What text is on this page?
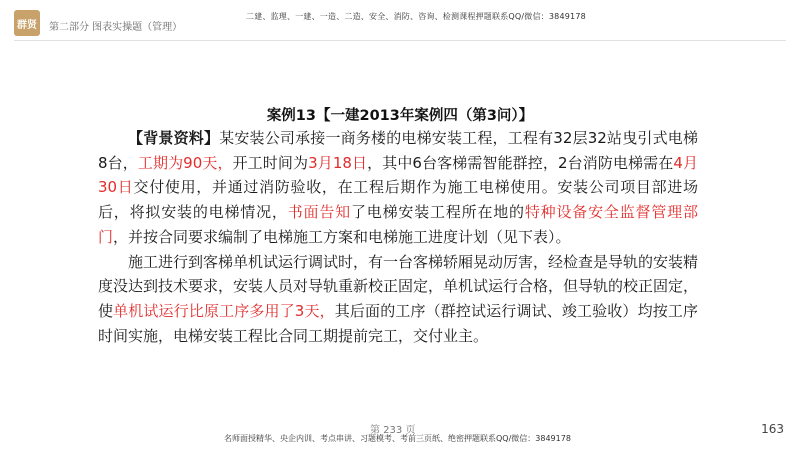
群贤	第二部分 图表实操题（管理）
二建、监理、一建、一造、二造、安全、消防、咨询、检测课程押题联系QQ/微信：3849178
案例13【一建2013年案例四（第3问）】

【背景资料】某安装公司承接一商务楼的电梯安装工程，工程有32层32站曳引式电梯8台，工期为90天，开工时间为3月18日，其中6台客梯需智能群控，2台消防电梯需在4月30日交付使用，并通过消防验收，在工程后期作为施工电梯使用。安装公司项目部进场后，将拟安装的电梯情况，书面告知了电梯安装工程所在地的特种设备安全监督管理部门，并按合同要求编制了电梯施工方案和电梯施工进度计划（见下表）。

施工进行到客梯单机试运行调试时，有一台客梯轿厢晃动厉害，经检查是导轨的安装精度没达到技术要求，安装人员对导轨重新校正固定，单机试运行合格，但导轨的校正固定，使单机试运行比原工序多用了3天，其后面的工序（群控试运行调试、竣工验收）均按工序时间实施，电梯安装工程比合同工期提前完工，交付业主。

第 233 页
名师面授精华、央企内训、考点串讲、习题模考、考前三页纸、绝密押题联系QQ/微信：3849178
163
